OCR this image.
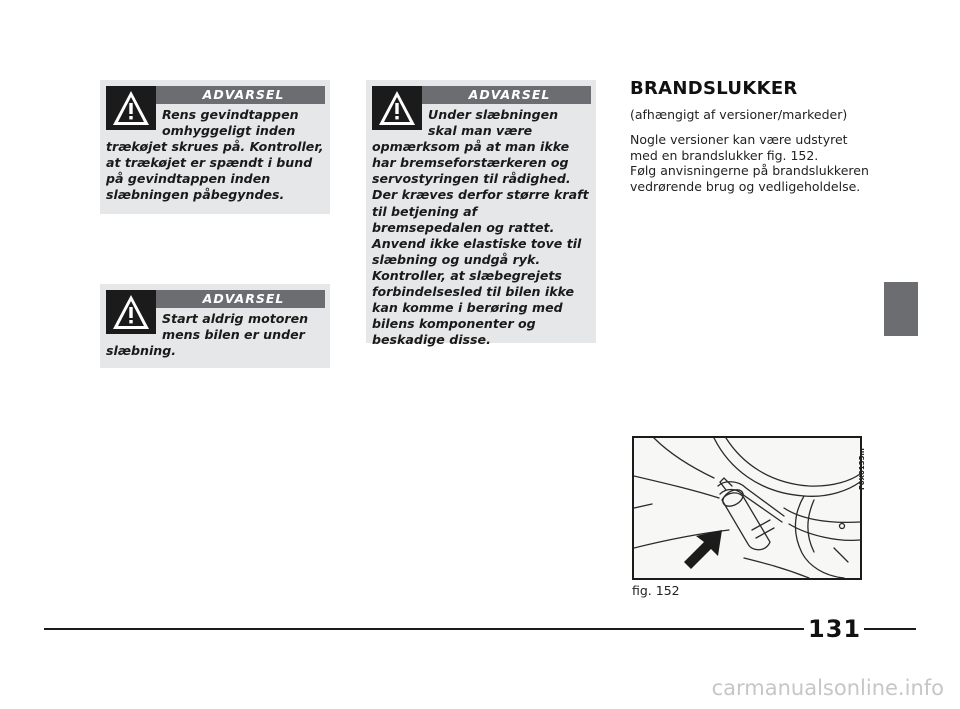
ADVARSEL
Rens gevindtappen omhyggeligt inden trækøjet skrues på. Kontroller, at trækøjet er spændt i bund på gevindtappen inden slæbningen påbegyndes.
ADVARSEL
Start aldrig motoren mens bilen er under slæbning.
ADVARSEL
Under slæbningen skal man være opmærksom på at man ikke har bremseforstærkeren og servostyringen til rådighed. Der kræves derfor større kraft til betjening af bremsepedalen og rattet. Anvend ikke elastiske tove til slæbning og undgå ryk. Kontroller, at slæbegrejets forbindelsesled til bilen ikke kan komme i berøring med bilens komponenter og beskadige disse.
BRANDSLUKKER
(afhængigt af versioner/markeder)

Nogle versioner kan være udstyret med en brandslukker fig. 152.

Følg anvisningerne på brandslukkeren vedrørende brug og vedligeholdelse.

F0X0135m
fig. 152
131
carmanualsonline.info
